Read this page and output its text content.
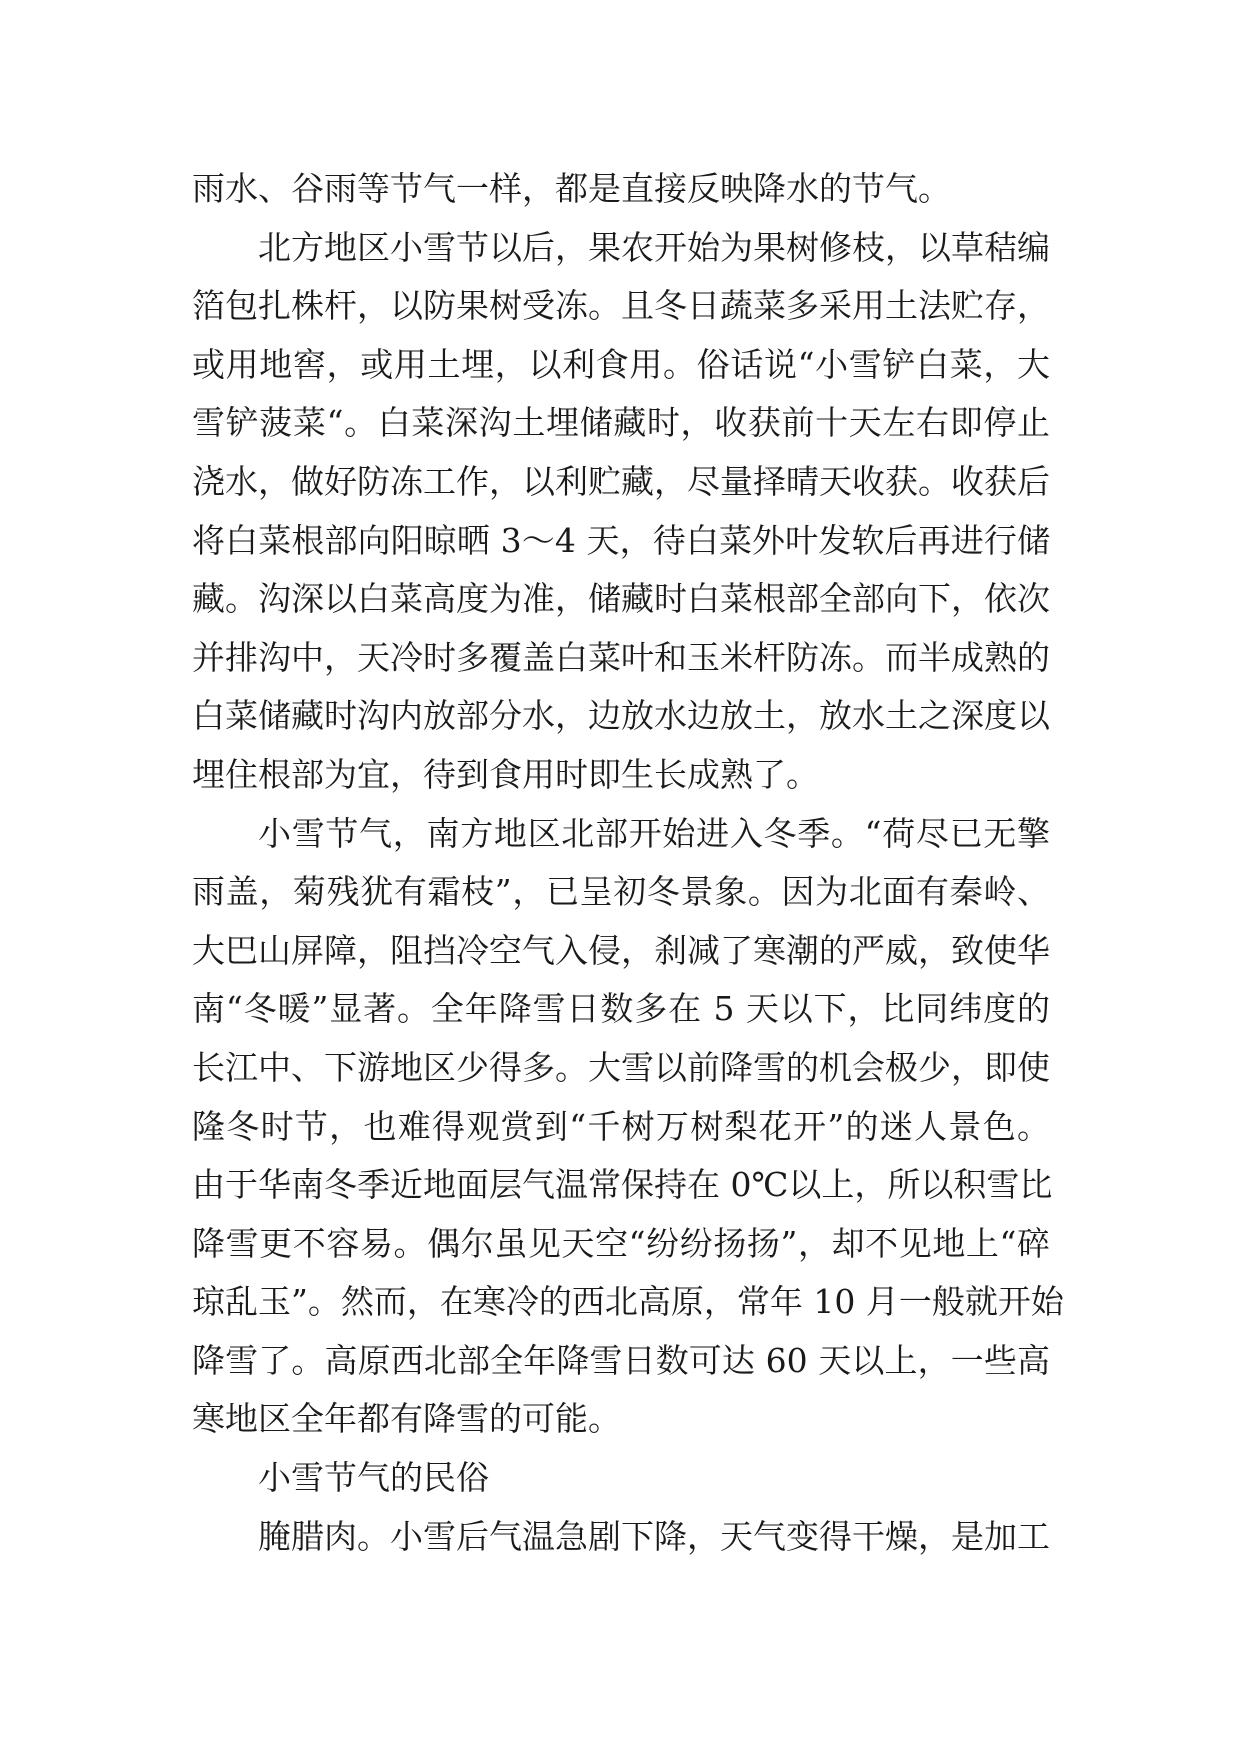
雨水、谷雨等节气一样，都是直接反映降水的节气。
北方地区小雪节以后，果农开始为果树修枝，以草秸编
箔包扎株杆，以防果树受冻。且冬日蔬菜多采用土法贮存，
或用地窖，或用土埋，以利食用。俗话说“小雪铲白菜，大
雪铲菠菜“。白菜深沟土埋储藏时，收获前十天左右即停止
浇水，做好防冻工作，以利贮藏，尽量择晴天收获。收获后
将白菜根部向阳晾晒 3～4 天，待白菜外叶发软后再进行储
藏。沟深以白菜高度为准，储藏时白菜根部全部向下，依次
并排沟中，天冷时多覆盖白菜叶和玉米杆防冻。而半成熟的
白菜储藏时沟内放部分水，边放水边放土，放水土之深度以
埋住根部为宜，待到食用时即生长成熟了。
小雪节气，南方地区北部开始进入冬季。“荷尽已无擎
雨盖，菊残犹有霜枝”，已呈初冬景象。因为北面有秦岭、
大巴山屏障，阻挡冷空气入侵，刹减了寒潮的严威，致使华
南“冬暖”显著。全年降雪日数多在 5 天以下，比同纬度的
长江中、下游地区少得多。大雪以前降雪的机会极少，即使
隆冬时节，也难得观赏到“千树万树梨花开”的迷人景色。
由于华南冬季近地面层气温常保持在 0℃以上，所以积雪比
降雪更不容易。偶尔虽见天空“纷纷扬扬”，却不见地上“碎
琼乱玉”。然而，在寒冷的西北高原，常年 10 月一般就开始
降雪了。高原西北部全年降雪日数可达 60 天以上，一些高
寒地区全年都有降雪的可能。
小雪节气的民俗
腌腊肉。小雪后气温急剧下降，天气变得干燥，是加工
